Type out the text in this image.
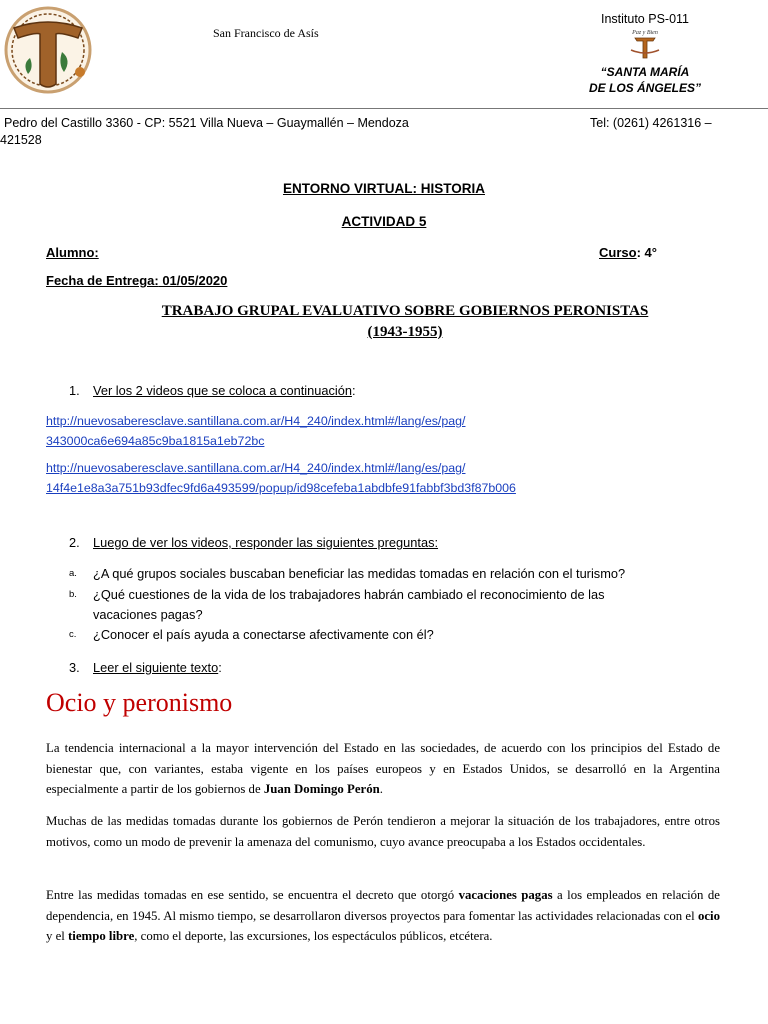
San Francisco de Asís
Instituto PS-011
Paz y Bien
“SANTA MARÍA
DE LOS ÁNGELES”
Pedro del Castillo 3360 - CP: 5521 Villa Nueva – Guaymallén – Mendoza	Tel: (0261) 4261316 –
421528
ENTORNO VIRTUAL: HISTORIA
ACTIVIDAD 5
Alumno:	Curso: 4°
Fecha de Entrega: 01/05/2020
TRABAJO GRUPAL EVALUATIVO SOBRE GOBIERNOS PERONISTAS
(1943-1955)
1. Ver los 2 videos que se coloca a continuación:
http://nuevosaberesclave.santillana.com.ar/H4_240/index.html#/lang/es/pag/
343000ca6e694a85c9ba1815a1eb72bc
http://nuevosaberesclave.santillana.com.ar/H4_240/index.html#/lang/es/pag/
14f4e1e8a3a751b93dfec9fd6a493599/popup/id98cefeba1abdbfe91fabbf3bd3f87b006
2. Luego de ver los videos, responder las siguientes preguntas:
a. ¿A qué grupos sociales buscaban beneficiar las medidas tomadas en relación con el turismo?
b. ¿Qué cuestiones de la vida de los trabajadores habrán cambiado el reconocimiento de las
vacaciones pagas?
c. ¿Conocer el país ayuda a conectarse afectivamente con él?
3. Leer el siguiente texto:
Ocio y peronismo
La tendencia internacional a la mayor intervención del Estado en las sociedades, de acuerdo con los principios del Estado de bienestar que, con variantes, estaba vigente en los países europeos y en Estados Unidos, se desarrolló en la Argentina especialmente a partir de los gobiernos de Juan Domingo Perón.
Muchas de las medidas tomadas durante los gobiernos de Perón tendieron a mejorar la situación de los trabajadores, entre otros motivos, como un modo de prevenir la amenaza del comunismo, cuyo avance preocupaba a los Estados occidentales.
Entre las medidas tomadas en ese sentido, se encuentra el decreto que otorgó vacaciones pagas a los empleados en relación de dependencia, en 1945. Al mismo tiempo, se desarrollaron diversos proyectos para fomentar las actividades relacionadas con el ocio y el tiempo libre, como el deporte, las excursiones, los espectáculos públicos, etcétera.
